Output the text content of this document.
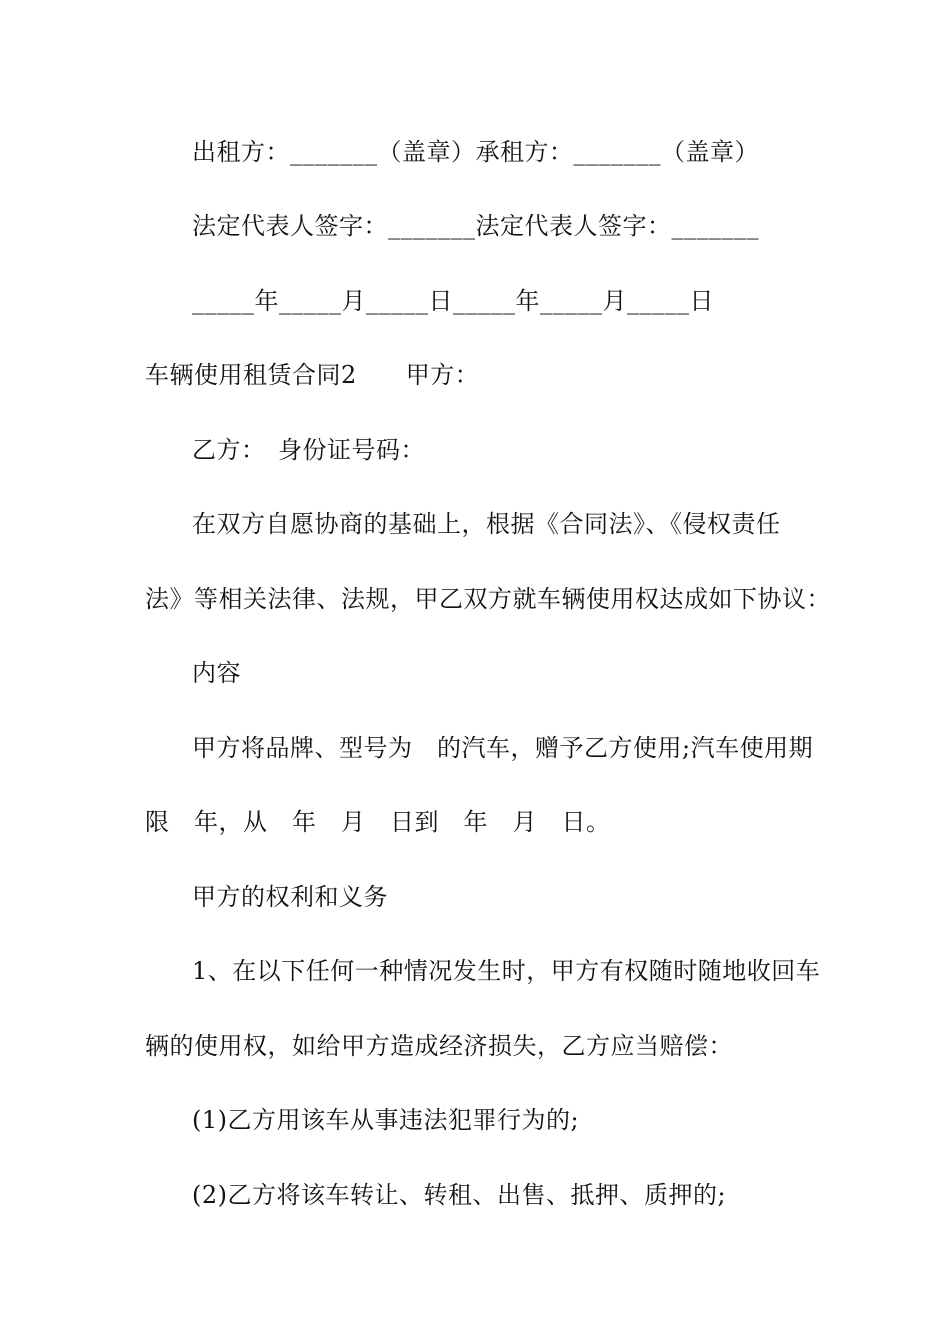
出租方：_______（盖章）承租方：_______（盖章）
法定代表人签字：_______法定代表人签字：_______
_____年_____月_____日_____年_____月_____日
车辆使用租赁合同2　　甲方：
乙方：　身份证号码：
在双方自愿协商的基础上，根据《合同法》、《侵权责任
法》等相关法律、法规，甲乙双方就车辆使用权达成如下协议：
内容
甲方将品牌、型号为　的汽车，赠予乙方使用;汽车使用期
限　年，从　年　月　日到　年　月　日。
甲方的权利和义务
1、在以下任何一种情况发生时，甲方有权随时随地收回车
辆的使用权，如给甲方造成经济损失，乙方应当赔偿：
(1)乙方用该车从事违法犯罪行为的;
(2)乙方将该车转让、转租、出售、抵押、质押的;
